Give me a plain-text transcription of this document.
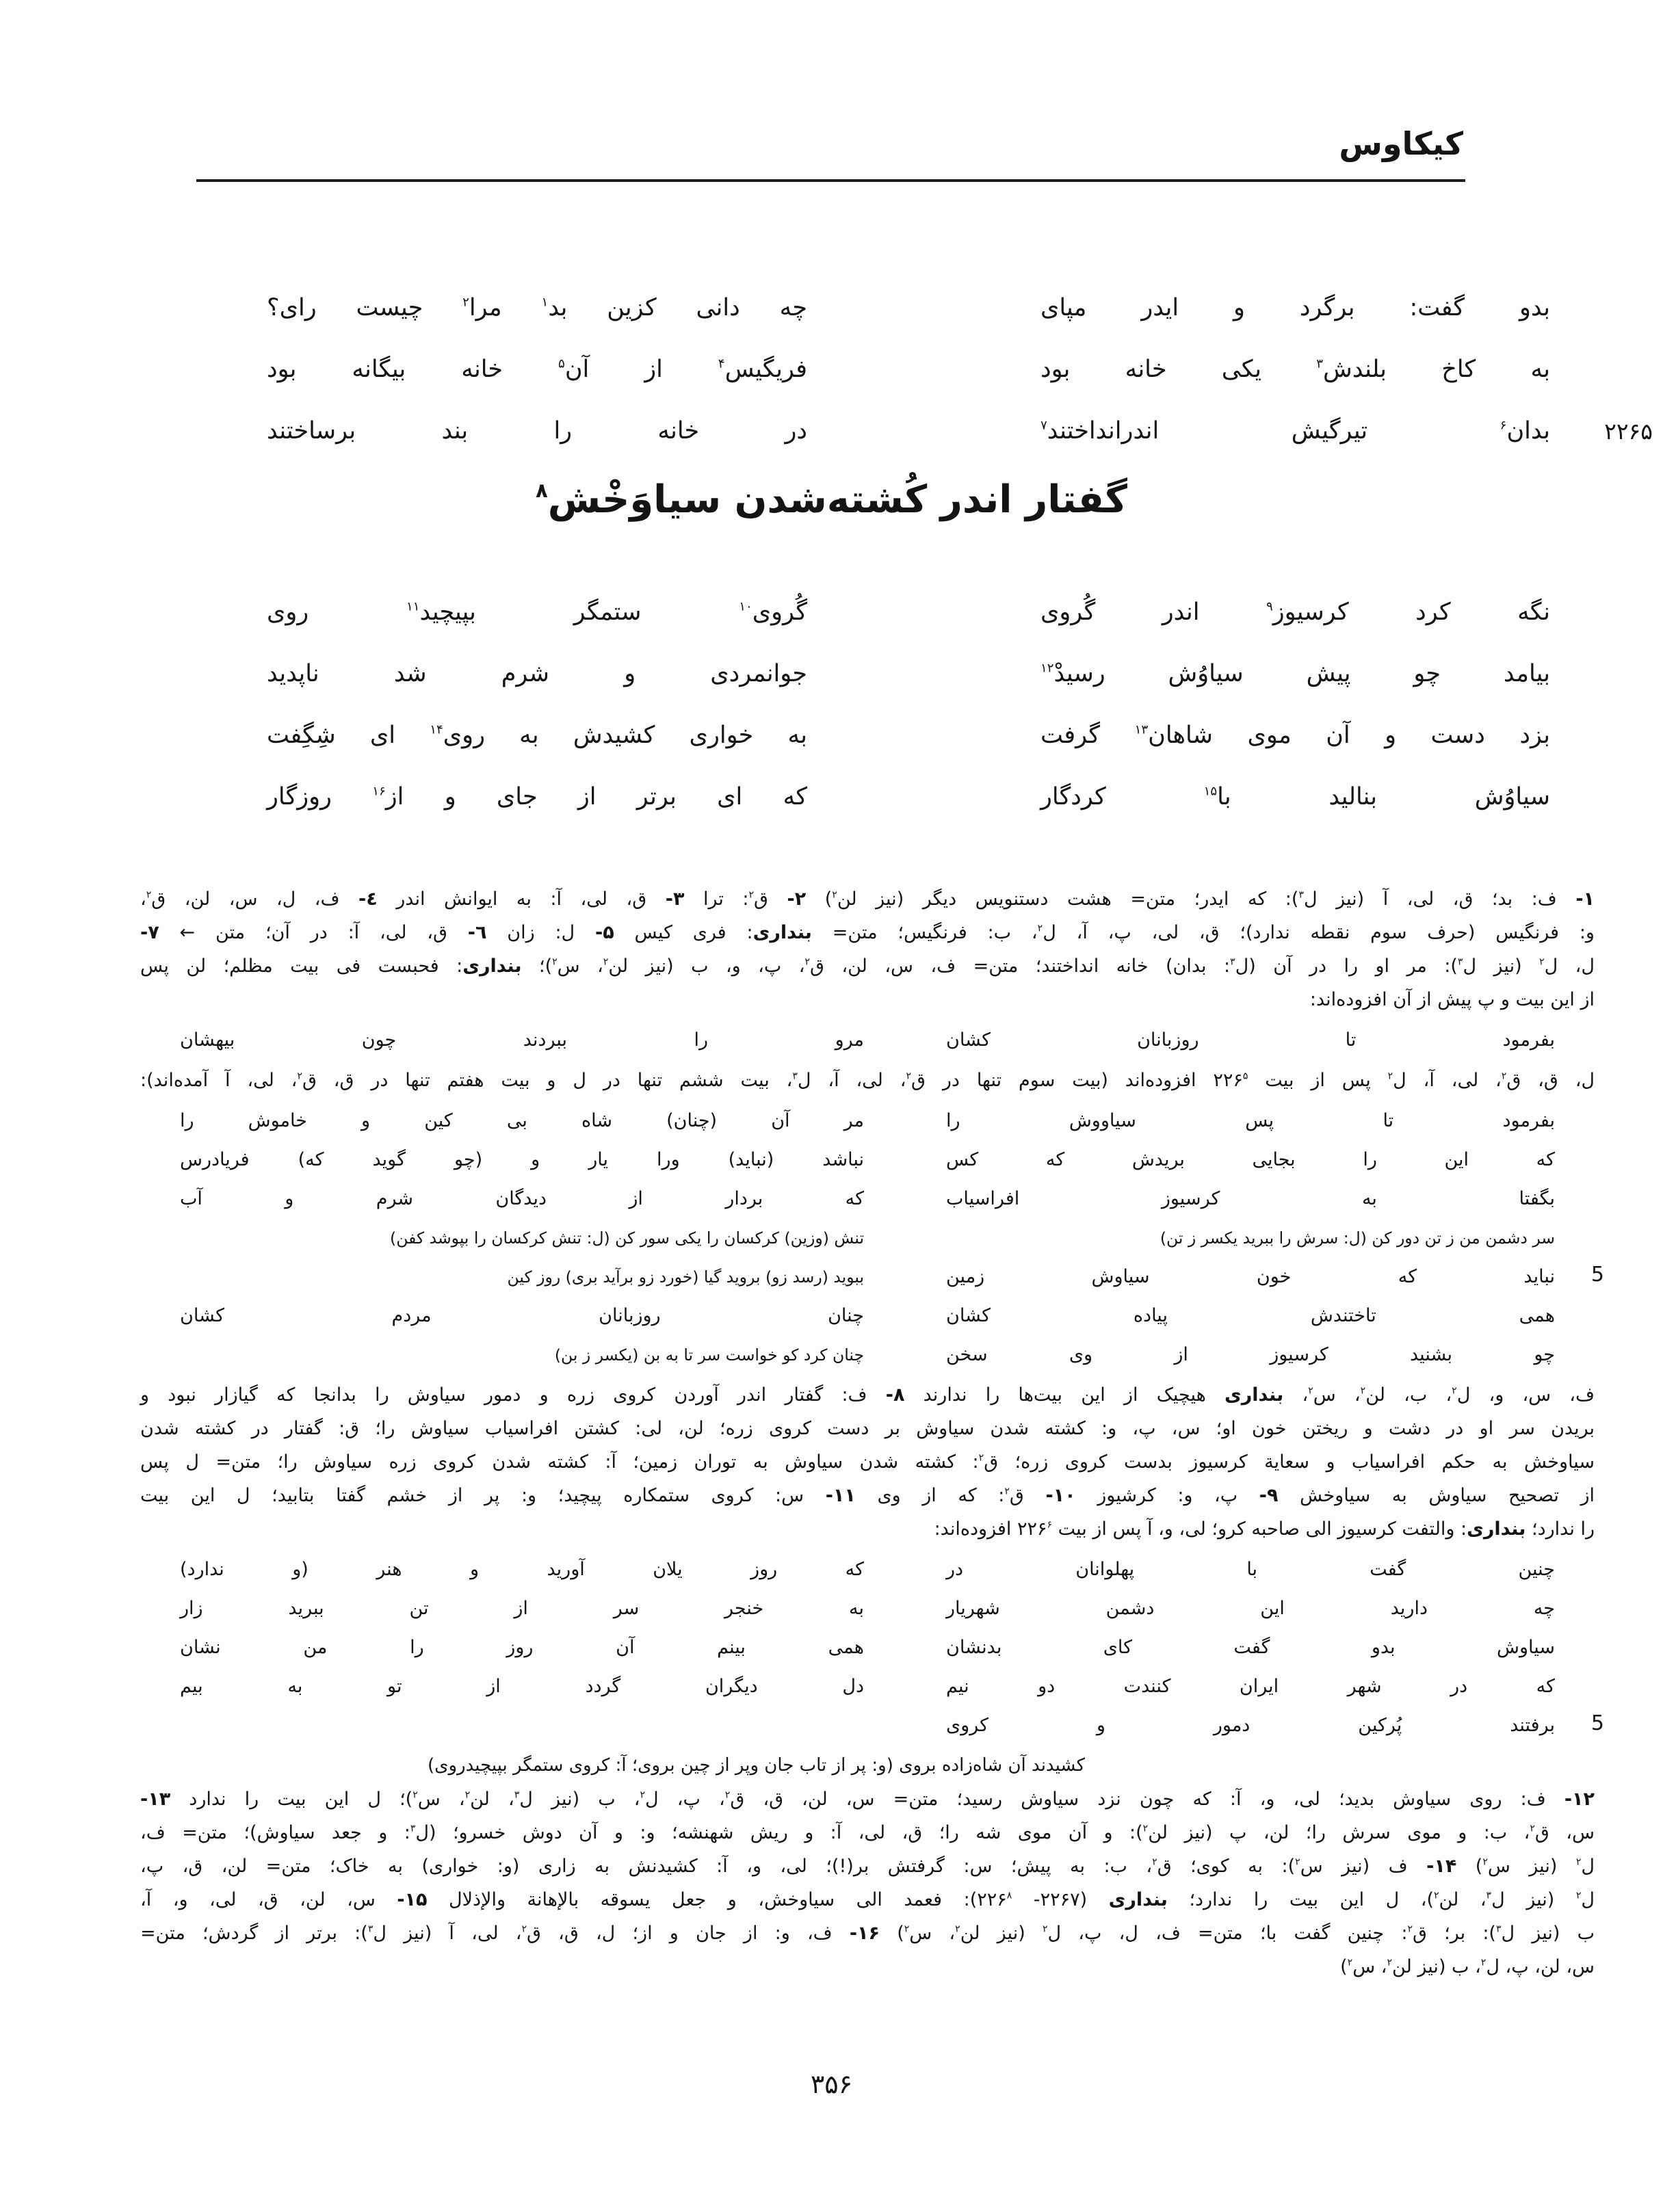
کیکاوس
بدو گفت: برگرد و ایدر مپای
چه دانی کزین بد$^۱$ مرا$^۲$ چیست رای؟
به کاخ بلندش$^۳$ یکی خانه بود
فریگیس$^۴$ از آن$^۵$ خانه بیگانه بود
۲۲۶۵
بدان$^۶$ تیرگیش اندرانداختند$^۷$
در خانه را بند برساختند
گفتار اندر کُشته‌شدن سیاوَخْش$^۸$
نگه کرد کرسیوز$^۹$ اندر گُروی
گُروی$^{۱۰}$ ستمگر بپیچید$^{۱۱}$ روی
بیامد چو پیش سیاوُش رسیدْ$^{۱۲}$
جوانمردی و شرم شد ناپدید
بزد دست و آن موی شاهان$^{۱۳}$ گرفت
به خواری کشیدش به روی$^{۱۴}$ ای شِگِفت
سیاوُش بنالید با$^{۱۵}$ کردگار
که ای برتر از جای و از$^{۱۶}$ روزگار
۱- ف: بد؛ ق، لی، آ (نیز ل$^۳$): که ایدر؛ متن= هشت دستنویس دیگر (نیز لن$^۲$) ۲- ق$^۲$: ترا ۳- ق، لی، آ: به ایوانش اندر ٤- ف، ل، س، لن، ق$^۲$،
و: فرنگیس (حرف سوم نقطه ندارد)؛ ق، لی، پ، آ، ل$^۲$، ب: فرنگیس؛ متن= بنداری: فری کیس ۵- ل: زان ٦- ق، لی، آ: در آن؛ متن ← ۷-
ل، ل$^۲$ (نیز ل$^۳$): مر او را در آن (ل$^۳$: بدان) خانه انداختند؛ متن= ف، س، لن، ق$^۲$، پ، و، ب (نیز لن$^۲$، س$^۲$)؛ بنداری: فحبست فی بیت مظلم؛ لن پس
از این بیت و پ پیش از آن افزوده‌اند:
بفرمود تا روزبانان کشان
مرو را ببردند چون بیهشان
ل، ق، ق$^۲$، لی، آ، ل$^۲$ پس از بیت $۲۲۶^۵$ افزوده‌اند (بیت سوم تنها در ق$^۲$، لی، آ، ل$^۳$، بیت ششم تنها در ل و بیت هفتم تنها در ق، ق$^۲$، لی، آ آمده‌اند):
بفرمود تا پس سیاووش را
مر آن (چنان) شاه بی کین و خاموش را
که این را بجایی بریدش که کس
نباشد (نباید) ورا یار و (چو گوید که) فریادرس
بگفتا به کرسیوز افراسیاب
که بردار از دیدگان شرم و آب
سر دشمن من ز تن دور کن (ل: سرش را ببرید یکسر ز تن)
تنش (وزین) کرکسان را یکی سور کن (ل: تنش کرکسان را بپوشد کفن)
نباید که خون سیاوش زمین
ببوید (رسد زو) بروید گیا (خورد زو برآید بری) روز کین	5
همی تاختندش پیاده کشان
چنان روزبانان مردم کشان
چو بشنید کرسیوز از وی سخن
چنان کرد کو خواست سر تا به بن (یکسر ز بن)
ف، س، و، ل$^۲$، ب، لن$^۲$، س$^۲$، بنداری هیچیک از این بیت‌ها را ندارند ۸- ف: گفتار اندر آوردن کروی زره و دمور سیاوش را بدانجا که گیازار نبود و
بریدن سر او در دشت و ریختن خون او؛ س، پ، و: کشته شدن سیاوش بر دست کروی زره؛ لن، لی: کشتن افراسیاب سیاوش را؛ ق: گفتار در کشته شدن
سیاوخش به حکم افراسیاب و سعایة کرسیوز بدست کروی زره؛ ق$^۲$: کشته شدن سیاوش به توران زمین؛ آ: کشته شدن کروی زره سیاوش را؛ متن= ل پس
از تصحیح سیاوش به سیاوخش ۹- پ، و: کرشیوز ۱۰- ق$^۲$: که از وی ۱۱- س: کروی ستمکاره پیچید؛ و: پر از خشم گفتا بتابید؛ ل این بیت
را ندارد؛ بنداری: والتفت کرسیوز الی صاحبه کرو؛ لی، و، آ پس از بیت $۲۲۶^۶$ افزوده‌اند:
چنین گفت با پهلوانان در
که روز یلان آورید و هنر (و ندارد)
چه دارید این دشمن شهریار
به خنجر سر از تن ببرید زار
سیاوش بدو گفت کای بدنشان
همی بینم آن روز را من نشان
که در شهر ایران کنندت دو نیم
دل دیگران گردد از تو به بیم
برفتند پُرکین دمور و کروی 5
کشیدند آن شاه‌زاده بروی (و: پر از تاب جان وپر از چین بروی؛ آ: کروی ستمگر بپیچیدروی)
۱۲- ف: روی سیاوش بدید؛ لی، و، آ: که چون نزد سیاوش رسید؛ متن= س، لن، ق، ق$^۲$، پ، ل$^۲$، ب (نیز ل$^۳$، لن$^۲$، س$^۲$)؛ ل این بیت را ندارد ۱۳-
س، ق$^۲$، ب: و موی سرش را؛ لن، پ (نیز لن$^۲$): و آن موی شه را؛ ق، لی، آ: و ریش شهنشه؛ و: و آن دوش خسرو؛ (ل$^۳$: و جعد سیاوش)؛ متن= ف،
ل$^۲$ (نیز س$^۲$) ۱۴- ف (نیز س$^۲$): به کوی؛ ق$^۲$، ب: به پیش؛ س: گرفتش بر(!)؛ لی، و، آ: کشیدنش به زاری (و: خواری) به خاک؛ متن= لن، ق، پ،
ل$^۲$ (نیز ل$^۳$، لن$^۲$)، ل این بیت را ندارد؛ بنداری (۲۲۶۷- $۲۲۶^۸$): فعمد الی سیاوخش، و جعل یسوقه بالإهانة والإذلال ۱۵- س، لن، ق، لی، و، آ،
ب (نیز ل$^۳$): بر؛ ق$^۲$: چنین گفت با؛ متن= ف، ل، پ، ل$^۲$ (نیز لن$^۲$، س$^۲$) ۱۶- ف، و: از جان و از؛ ل، ق، ق$^۲$، لی، آ (نیز ل$^۳$): برتر از گردش؛ متن=
س، لن، پ، ل$^۲$، ب (نیز لن$^۲$، س$^۲$)
۳۵۶
